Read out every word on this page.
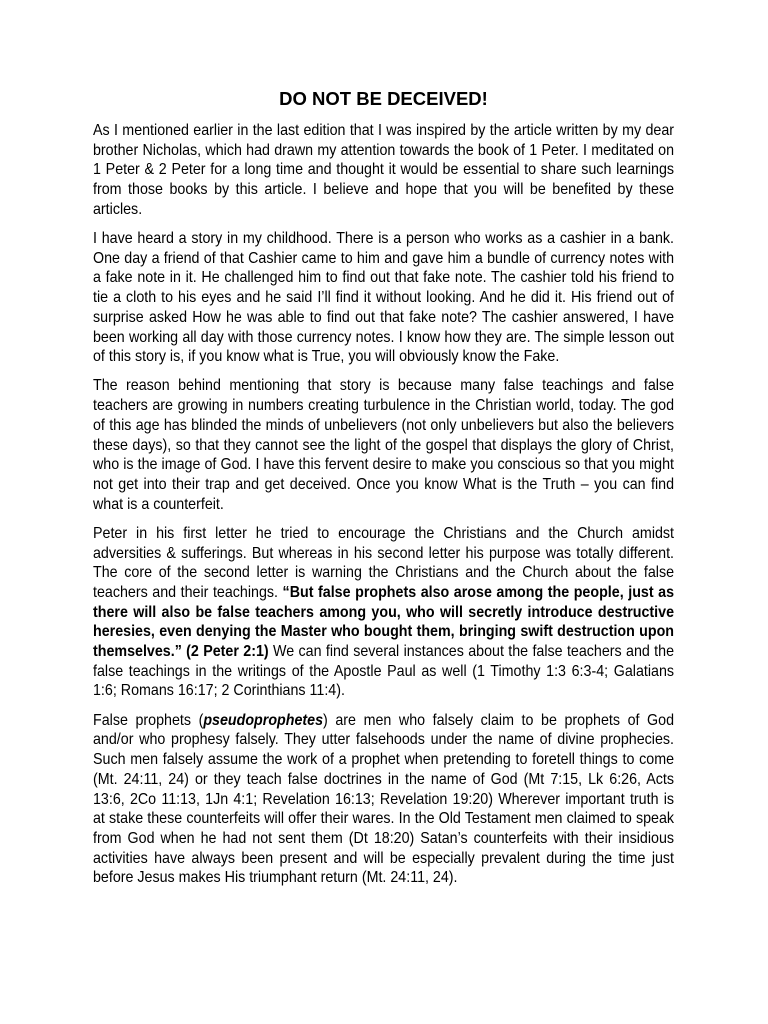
DO NOT BE DECEIVED!

As I mentioned earlier in the last edition that I was inspired by the article written by my dear brother Nicholas, which had drawn my attention towards the book of 1 Peter. I meditated on 1 Peter & 2 Peter for a long time and thought it would be essential to share such learnings from those books by this article. I believe and hope that you will be benefited by these articles.

I have heard a story in my childhood. There is a person who works as a cashier in a bank. One day a friend of that Cashier came to him and gave him a bundle of currency notes with a fake note in it. He challenged him to find out that fake note. The cashier told his friend to tie a cloth to his eyes and he said I’ll find it without looking. And he did it. His friend out of surprise asked How he was able to find out that fake note? The cashier answered, I have been working all day with those currency notes. I know how they are. The simple lesson out of this story is, if you know what is True, you will obviously know the Fake.

The reason behind mentioning that story is because many false teachings and false teachers are growing in numbers creating turbulence in the Christian world, today. The god of this age has blinded the minds of unbelievers (not only unbelievers but also the believers these days), so that they cannot see the light of the gospel that displays the glory of Christ, who is the image of God. I have this fervent desire to make you conscious so that you might not get into their trap and get deceived. Once you know What is the Truth – you can find what is a counterfeit.

Peter in his first letter he tried to encourage the Christians and the Church amidst adversities & sufferings. But whereas in his second letter his purpose was totally different. The core of the second letter is warning the Christians and the Church about the false teachers and their teachings. “But false prophets also arose among the people, just as there will also be false teachers among you, who will secretly introduce destructive heresies, even denying the Master who bought them, bringing swift destruction upon themselves.” (2 Peter 2:1) We can find several instances about the false teachers and the false teachings in the writings of the Apostle Paul as well (1 Timothy 1:3 6:3-4; Galatians 1:6; Romans 16:17; 2 Corinthians 11:4).

False prophets (pseudoprophetes) are men who falsely claim to be prophets of God and/or who prophesy falsely. They utter falsehoods under the name of divine prophecies. Such men falsely assume the work of a prophet when pretending to foretell things to come (Mt. 24:11, 24) or they teach false doctrines in the name of God (Mt 7:15, Lk 6:26, Acts 13:6, 2Co 11:13, 1Jn 4:1; Revelation 16:13; Revelation 19:20) Wherever important truth is at stake these counterfeits will offer their wares. In the Old Testament men claimed to speak from God when he had not sent them (Dt 18:20) Satan’s counterfeits with their insidious activities have always been present and will be especially prevalent during the time just before Jesus makes His triumphant return (Mt. 24:11, 24).
